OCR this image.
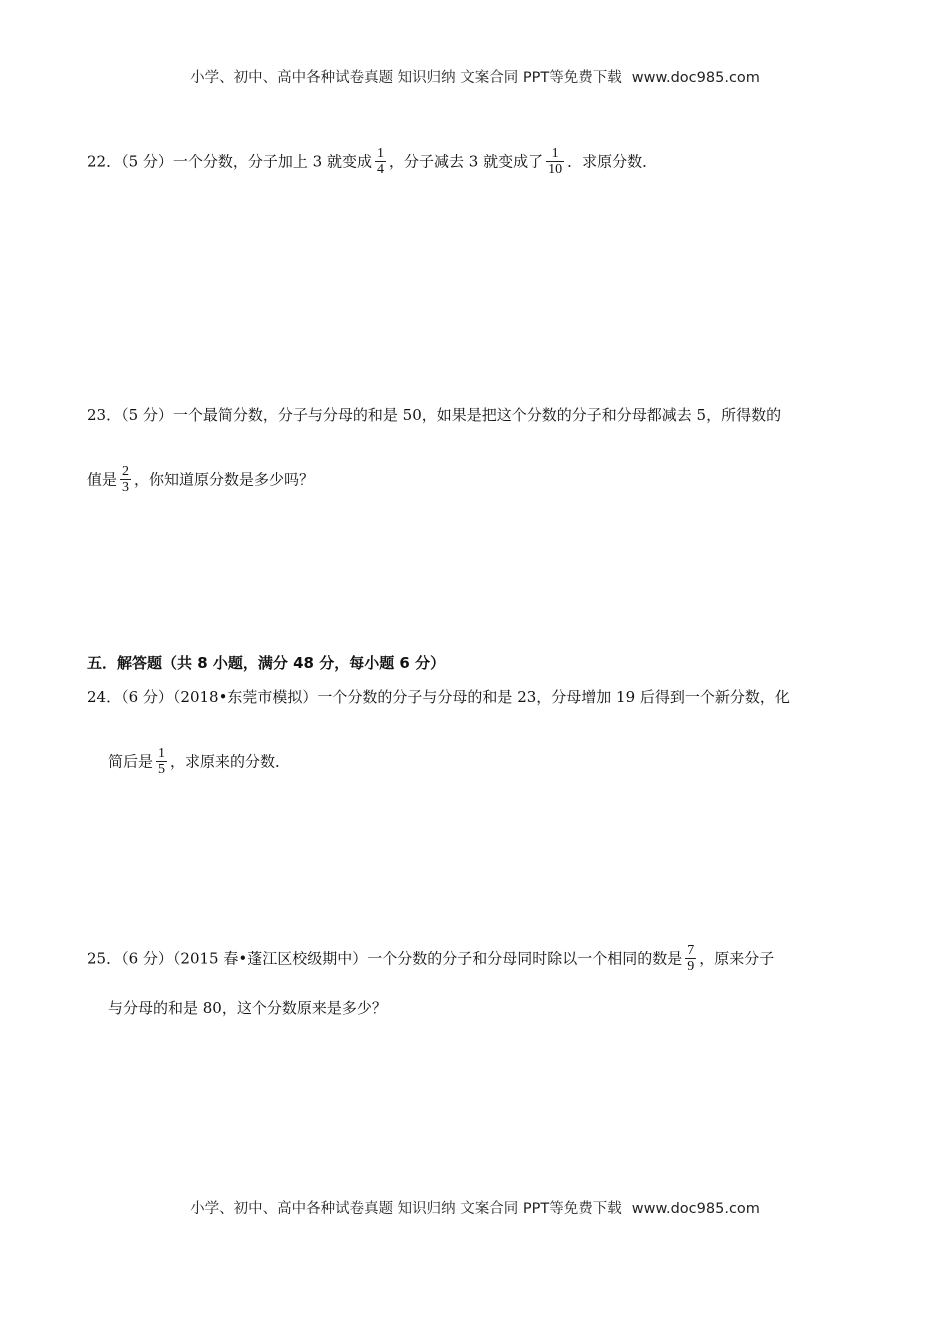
小学、初中、高中各种试卷真题 知识归纳 文案合同 PPT等免费下载 www.doc985.com
22．（5 分）一个分数，分子加上 3 就变成 $\frac{1}{4}$ ，分子减去 3 就变成了 $\frac{1}{10}$ ．求原分数．
23．（5 分）一个最简分数，分子与分母的和是 50，如果是把这个分数的分子和分母都减去 5，所得数的
值是 $\frac{2}{3}$ ，你知道原分数是多少吗？
五．解答题（共 8 小题，满分 48 分，每小题 6 分）
24．（6 分）（2018•东莞市模拟）一个分数的分子与分母的和是 23，分母增加 19 后得到一个新分数，化
简后是 $\frac{1}{5}$ ，求原来的分数．
25．（6 分）（2015 春•蓬江区校级期中）一个分数的分子和分母同时除以一个相同的数是 $\frac{7}{9}$ ，原来分子
与分母的和是 80，这个分数原来是多少？
小学、初中、高中各种试卷真题 知识归纳 文案合同 PPT等免费下载 www.doc985.com
